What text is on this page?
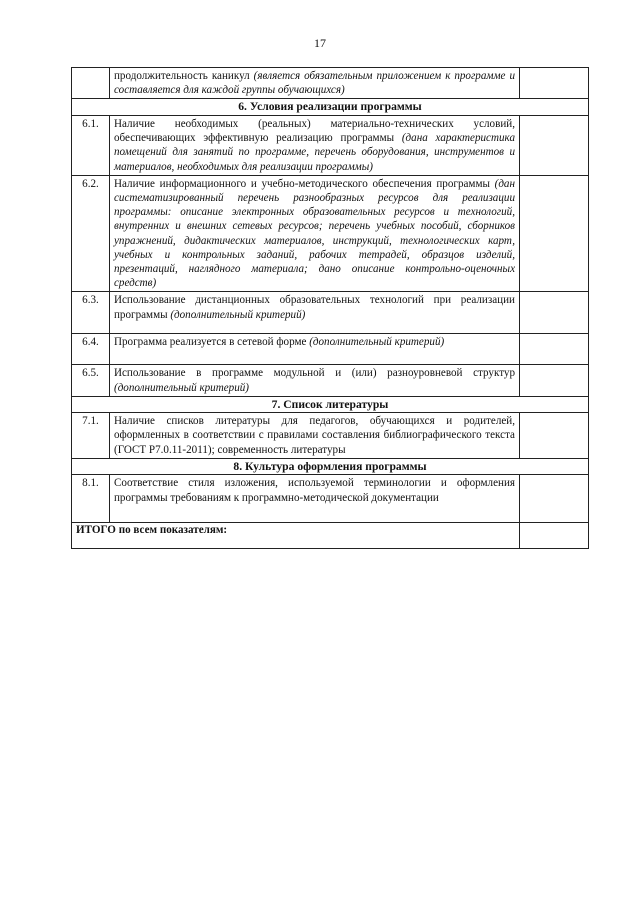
17
	продолжительность каникул (является обязательным приложением к программе и составляется для каждой группы обучающихся)	
6. Условия реализации программы		
6.1.	Наличие необходимых (реальных) материально-технических условий, обеспечивающих эффективную реализацию программы (дана характеристика помещений для занятий по программе, перечень оборудования, инструментов и материалов, необходимых для реализации программы)	
6.2.	Наличие информационного и учебно-методического обеспечения программы (дан систематизированный перечень разнообразных ресурсов для реализации программы: описание электронных образовательных ресурсов и технологий, внутренних и внешних сетевых ресурсов; перечень учебных пособий, сборников упражнений, дидактических материалов, инструкций, технологических карт, учебных и контрольных заданий, рабочих тетрадей, образцов изделий, презентаций, наглядного материала; дано описание контрольно-оценочных средств)	
6.3.	Использование дистанционных образовательных технологий при реализации программы (дополнительный критерий)	
6.4.	Программа реализуется в сетевой форме (дополнительный критерий)	
6.5.	Использование в программе модульной и (или) разноуровневой структур (дополнительный критерий)	
7. Список литературы		
7.1.	Наличие списков литературы для педагогов, обучающихся и родителей, оформленных в соответствии с правилами составления библиографического текста (ГОСТ Р7.0.11-2011); современность литературы	
8. Культура оформления программы		
8.1.	Соответствие стиля изложения, используемой терминологии и оформления программы требованиям к программно-методической документации	
ИТОГО по всем показателям:		
